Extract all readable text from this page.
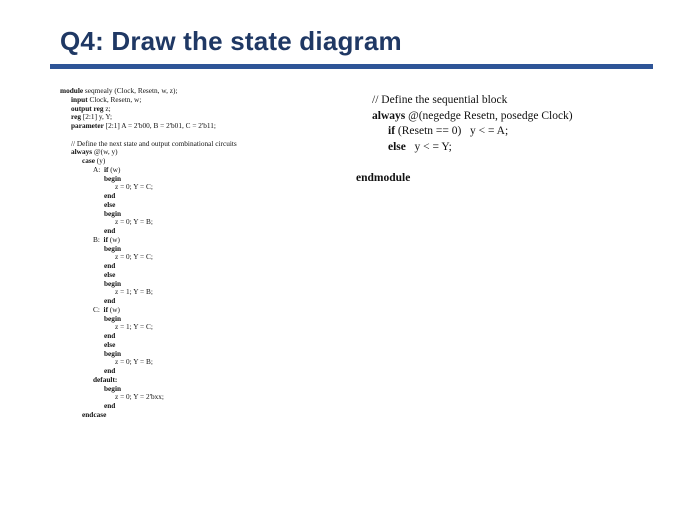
Q4: Draw the state diagram
module seqmealy (Clock, Resetn, w, z);
input Clock, Resetn, w;
output reg z;
reg [2:1] y, Y;
parameter [2:1] A = 2'b00, B = 2'b01, C = 2'b11;

// Define the next state and output combinational circuits
always @(w, y)
case (y)
A:  if (w)
begin
z = 0; Y = C;
end
else
begin
z = 0; Y = B;
end
B:  if (w)
begin
z = 0; Y = C;
end
else
begin
z = 1; Y = B;
end
C:  if (w)
begin
z = 1; Y = C;
end
else
begin
z = 0; Y = B;
end
default:
begin
z = 0; Y = 2'bxx;
end
endcase
// Define the sequential block
always @(negedge Resetn, posedge Clock)
if (Resetn == 0)   y < = A;
else   y < = Y;

endmodule
